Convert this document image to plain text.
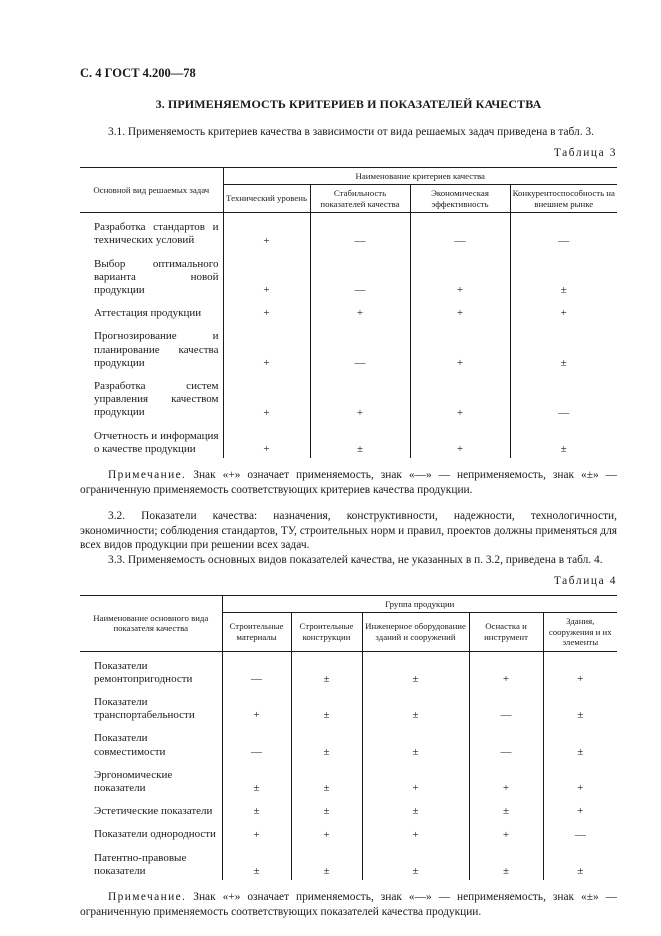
С. 4 ГОСТ 4.200—78
3. ПРИМЕНЯЕМОСТЬ КРИТЕРИЕВ И ПОКАЗАТЕЛЕЙ КАЧЕСТВА

3.1. Применяемость критериев качества в зависимости от вида решаемых задач приведена в табл. 3.

Таблица 3
Основной вид решаемых задач	Наименование критериев качества			
	Технический уровень	Стабильность показателей качества	Экономическая эффективность	Конкурентоспособность на внешнем рынке
Разработка стандартов и технических условий	+	—	—	—
Выбор оптимального варианта новой продукции	+	—	+	±
Аттестация продукции	+	+	+	+
Прогнозирование и планирование качества продукции	+	—	+	±
Разработка систем управления качеством продукции	+	+	+	—
Отчетность и информация о качестве продукции	+	±	+	±

Примечание. Знак «+» означает применяемость, знак «—» — неприменяемость, знак «±» — ограниченную применяемость соответствующих критериев качества продукции.

3.2. Показатели качества: назначения, конструктивности, надежности, технологичности, экономичности; соблюдения стандартов, ТУ, строительных норм и правил, проектов должны применяться для всех видов продукции при решении всех задач.

3.3. Применяемость основных видов показателей качества, не указанных в п. 3.2, приведена в табл. 4.

Таблица 4
Наименование основного вида показателя качества	Группа продукции				
	Строительные материалы	Строительные конструкции	Инженерное оборудование зданий и сооружений	Оснастка и инструмент	Здания, сооружения и их элементы
Показатели ремонтопригодности	—	±	±	+	+
Показатели транспортабельности	+	±	±	—	±
Показатели совместимости	—	±	±	—	±
Эргономические показатели	±	±	+	+	+
Эстетические показатели	±	±	±	±	+
Показатели однородности	+	+	+	+	—
Патентно-правовые показатели	±	±	±	±	±

Примечание. Знак «+» означает применяемость, знак «—» — неприменяемость, знак «±» — ограниченную применяемость соответствующих показателей качества продукции.
